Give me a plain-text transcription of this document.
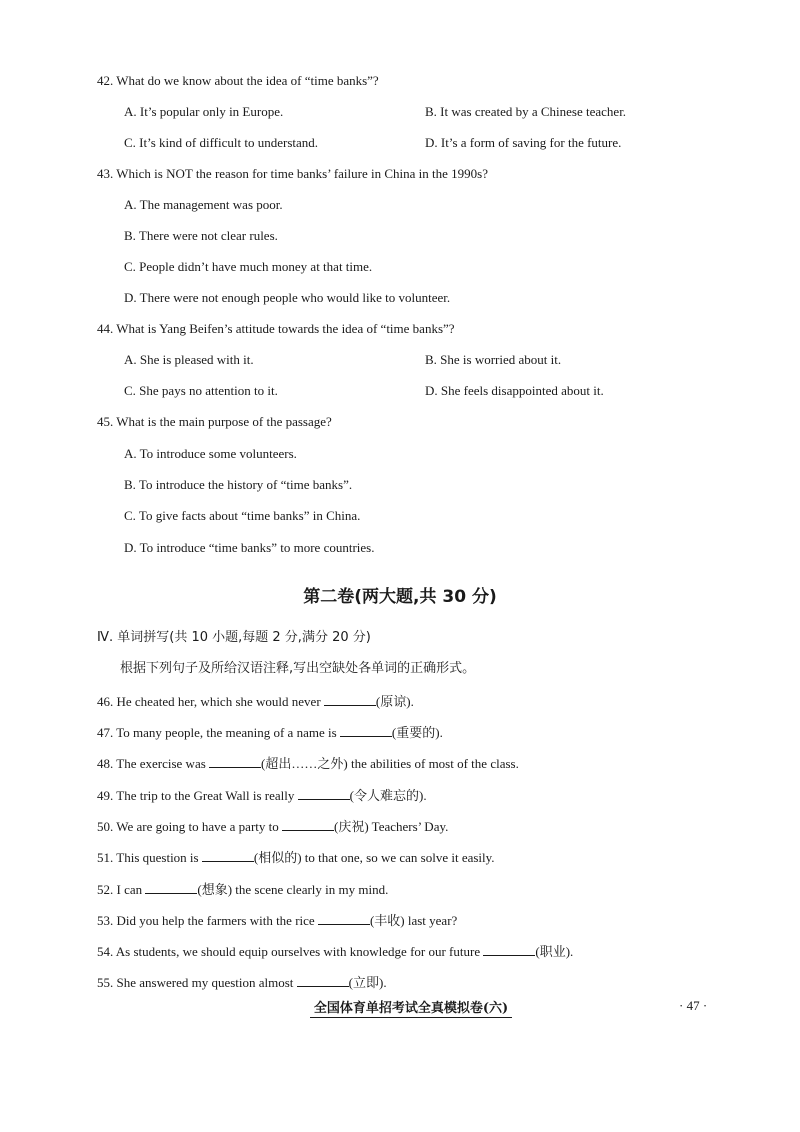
42. What do we know about the idea of “time banks”?
A. It’s popular only in Europe.	B. It was created by a Chinese teacher.
C. It’s kind of difficult to understand.	D. It’s a form of saving for the future.
43. Which is NOT the reason for time banks’ failure in China in the 1990s?
A. The management was poor.
B. There were not clear rules.
C. People didn’t have much money at that time.
D. There were not enough people who would like to volunteer.
44. What is Yang Beifen’s attitude towards the idea of “time banks”?
A. She is pleased with it.	B. She is worried about it.
C. She pays no attention to it.	D. She feels disappointed about it.
45. What is the main purpose of the passage?
A. To introduce some volunteers.
B. To introduce the history of “time banks”.
C. To give facts about “time banks” in China.
D. To introduce “time banks” to more countries.
第二卷(两大题,共 30 分)
Ⅳ. 单词拼写(共 10 小题,每题 2 分,满分 20 分)
根据下列句子及所给汉语注释,写出空缺处各单词的正确形式。
46. He cheated her, which she would never	(原谅).
47. To many people, the meaning of a name is	(重要的).
48. The exercise was	(超出……之外) the abilities of most of the class.
49. The trip to the Great Wall is really	(令人难忘的).
50. We are going to have a party to	(庆祝) Teachers’ Day.
51. This question is	(相似的) to that one, so we can solve it easily.
52. I can	(想象) the scene clearly in my mind.
53. Did you help the farmers with the rice	(丰收) last year?
54. As students, we should equip ourselves with knowledge for our future	(职业).
55. She answered my question almost	(立即).
全国体育单招考试全真模拟卷(六)	· 47 ·
